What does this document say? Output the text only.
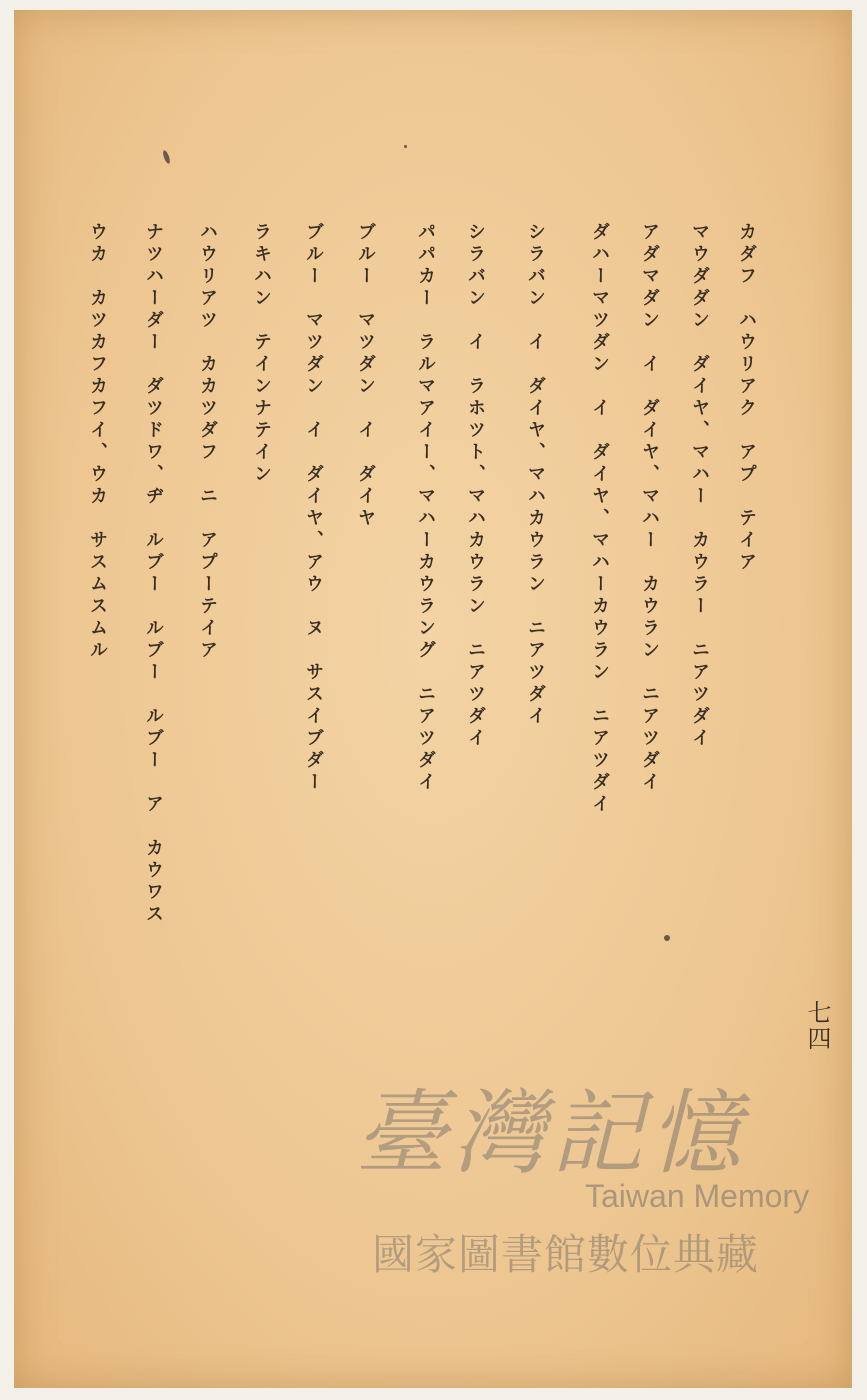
カダフ　ハウリアク　アプ　テイア
マウダダン　ダイヤ、マハー　カウラー　ニアツダイ
アダマダン　イ　ダイヤ、マハー　カウラン　ニアツダイ
ダハーマツダン　イ　ダイヤ、マハーカウラン　ニアツダイ
シラバン　イ　ダイヤ、マハカウラン　ニアツダイ
シラバン　イ　ラホツト、マハカウラン　ニアツダイ
パパカー　ラルマアイー、マハーカウラング　ニアツダイ
ブルー　マツダン　イ　ダイヤ
ブルー　マツダン　イ　ダイヤ、アウ　ヌ　サスイブダー
ラキハン　テインナテイン
ハウリアツ　カカツダフ　ニ　アプーテイア
ナツハーダー　ダツドワ、ヂ　ルブー　ルブー　ルブー　ア　カウワス
ウカ　カツカフカフイ、ウカ　サスムスムル
七四
臺灣記憶
Taiwan Memory
國家圖書館數位典藏
